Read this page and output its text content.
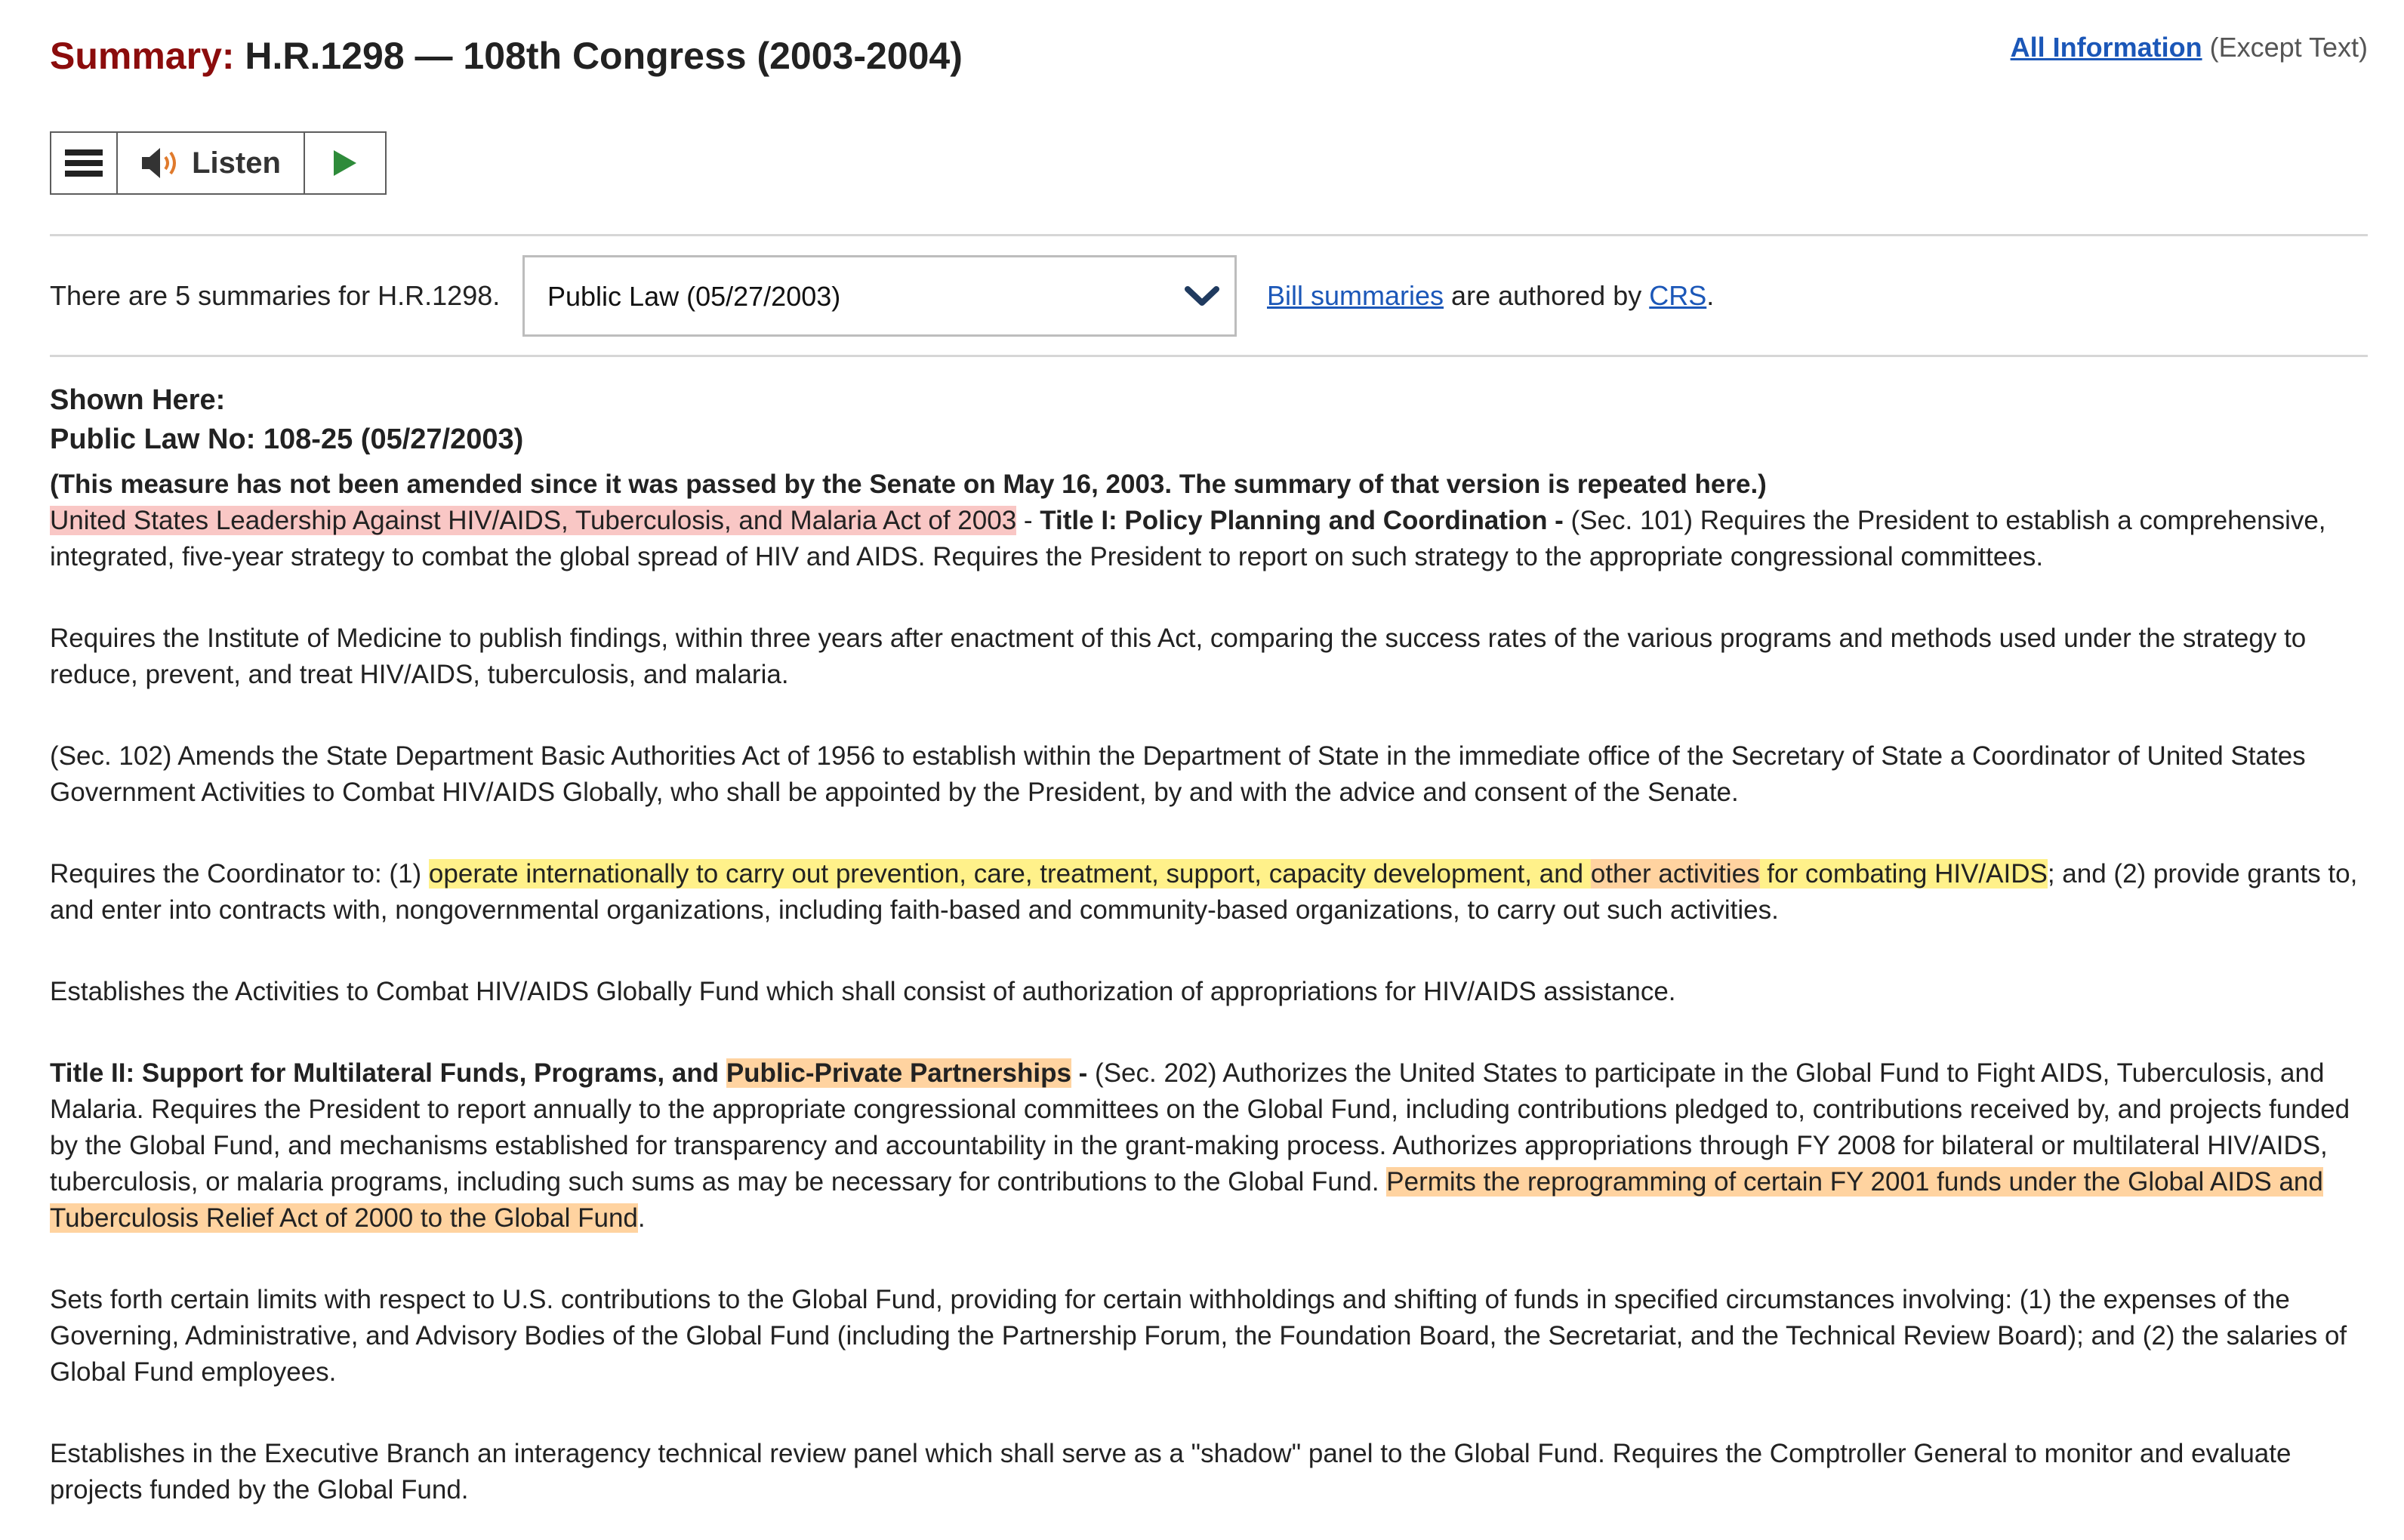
Summary: H.R.1298 — 108th Congress (2003-2004)	All Information (Except Text)
Listen
There are 5 summaries for H.R.1298. Public Law (05/27/2003)	Bill summaries are authored by CRS.
Shown Here:
Public Law No: 108-25 (05/27/2003)

(This measure has not been amended since it was passed by the Senate on May 16, 2003. The summary of that version is repeated here.)

United States Leadership Against HIV/AIDS, Tuberculosis, and Malaria Act of 2003 - Title I: Policy Planning and Coordination - (Sec. 101) Requires the President to establish a comprehensive, integrated, five-year strategy to combat the global spread of HIV and AIDS. Requires the President to report on such strategy to the appropriate congressional committees.

Requires the Institute of Medicine to publish findings, within three years after enactment of this Act, comparing the success rates of the various programs and methods used under the strategy to reduce, prevent, and treat HIV/AIDS, tuberculosis, and malaria.

(Sec. 102) Amends the State Department Basic Authorities Act of 1956 to establish within the Department of State in the immediate office of the Secretary of State a Coordinator of United States Government Activities to Combat HIV/AIDS Globally, who shall be appointed by the President, by and with the advice and consent of the Senate.

Requires the Coordinator to: (1) operate internationally to carry out prevention, care, treatment, support, capacity development, and other activities for combating HIV/AIDS; and (2) provide grants to, and enter into contracts with, nongovernmental organizations, including faith-based and community-based organizations, to carry out such activities.

Establishes the Activities to Combat HIV/AIDS Globally Fund which shall consist of authorization of appropriations for HIV/AIDS assistance.

Title II: Support for Multilateral Funds, Programs, and Public-Private Partnerships - (Sec. 202) Authorizes the United States to participate in the Global Fund to Fight AIDS, Tuberculosis, and Malaria. Requires the President to report annually to the appropriate congressional committees on the Global Fund, including contributions pledged to, contributions received by, and projects funded by the Global Fund, and mechanisms established for transparency and accountability in the grant-making process. Authorizes appropriations through FY 2008 for bilateral or multilateral HIV/AIDS, tuberculosis, or malaria programs, including such sums as may be necessary for contributions to the Global Fund. Permits the reprogramming of certain FY 2001 funds under the Global AIDS and Tuberculosis Relief Act of 2000 to the Global Fund.

Sets forth certain limits with respect to U.S. contributions to the Global Fund, providing for certain withholdings and shifting of funds in specified circumstances involving: (1) the expenses of the Governing, Administrative, and Advisory Bodies of the Global Fund (including the Partnership Forum, the Foundation Board, the Secretariat, and the Technical Review Board); and (2) the salaries of Global Fund employees.

Establishes in the Executive Branch an interagency technical review panel which shall serve as a "shadow" panel to the Global Fund. Requires the Comptroller General to monitor and evaluate projects funded by the Global Fund.
